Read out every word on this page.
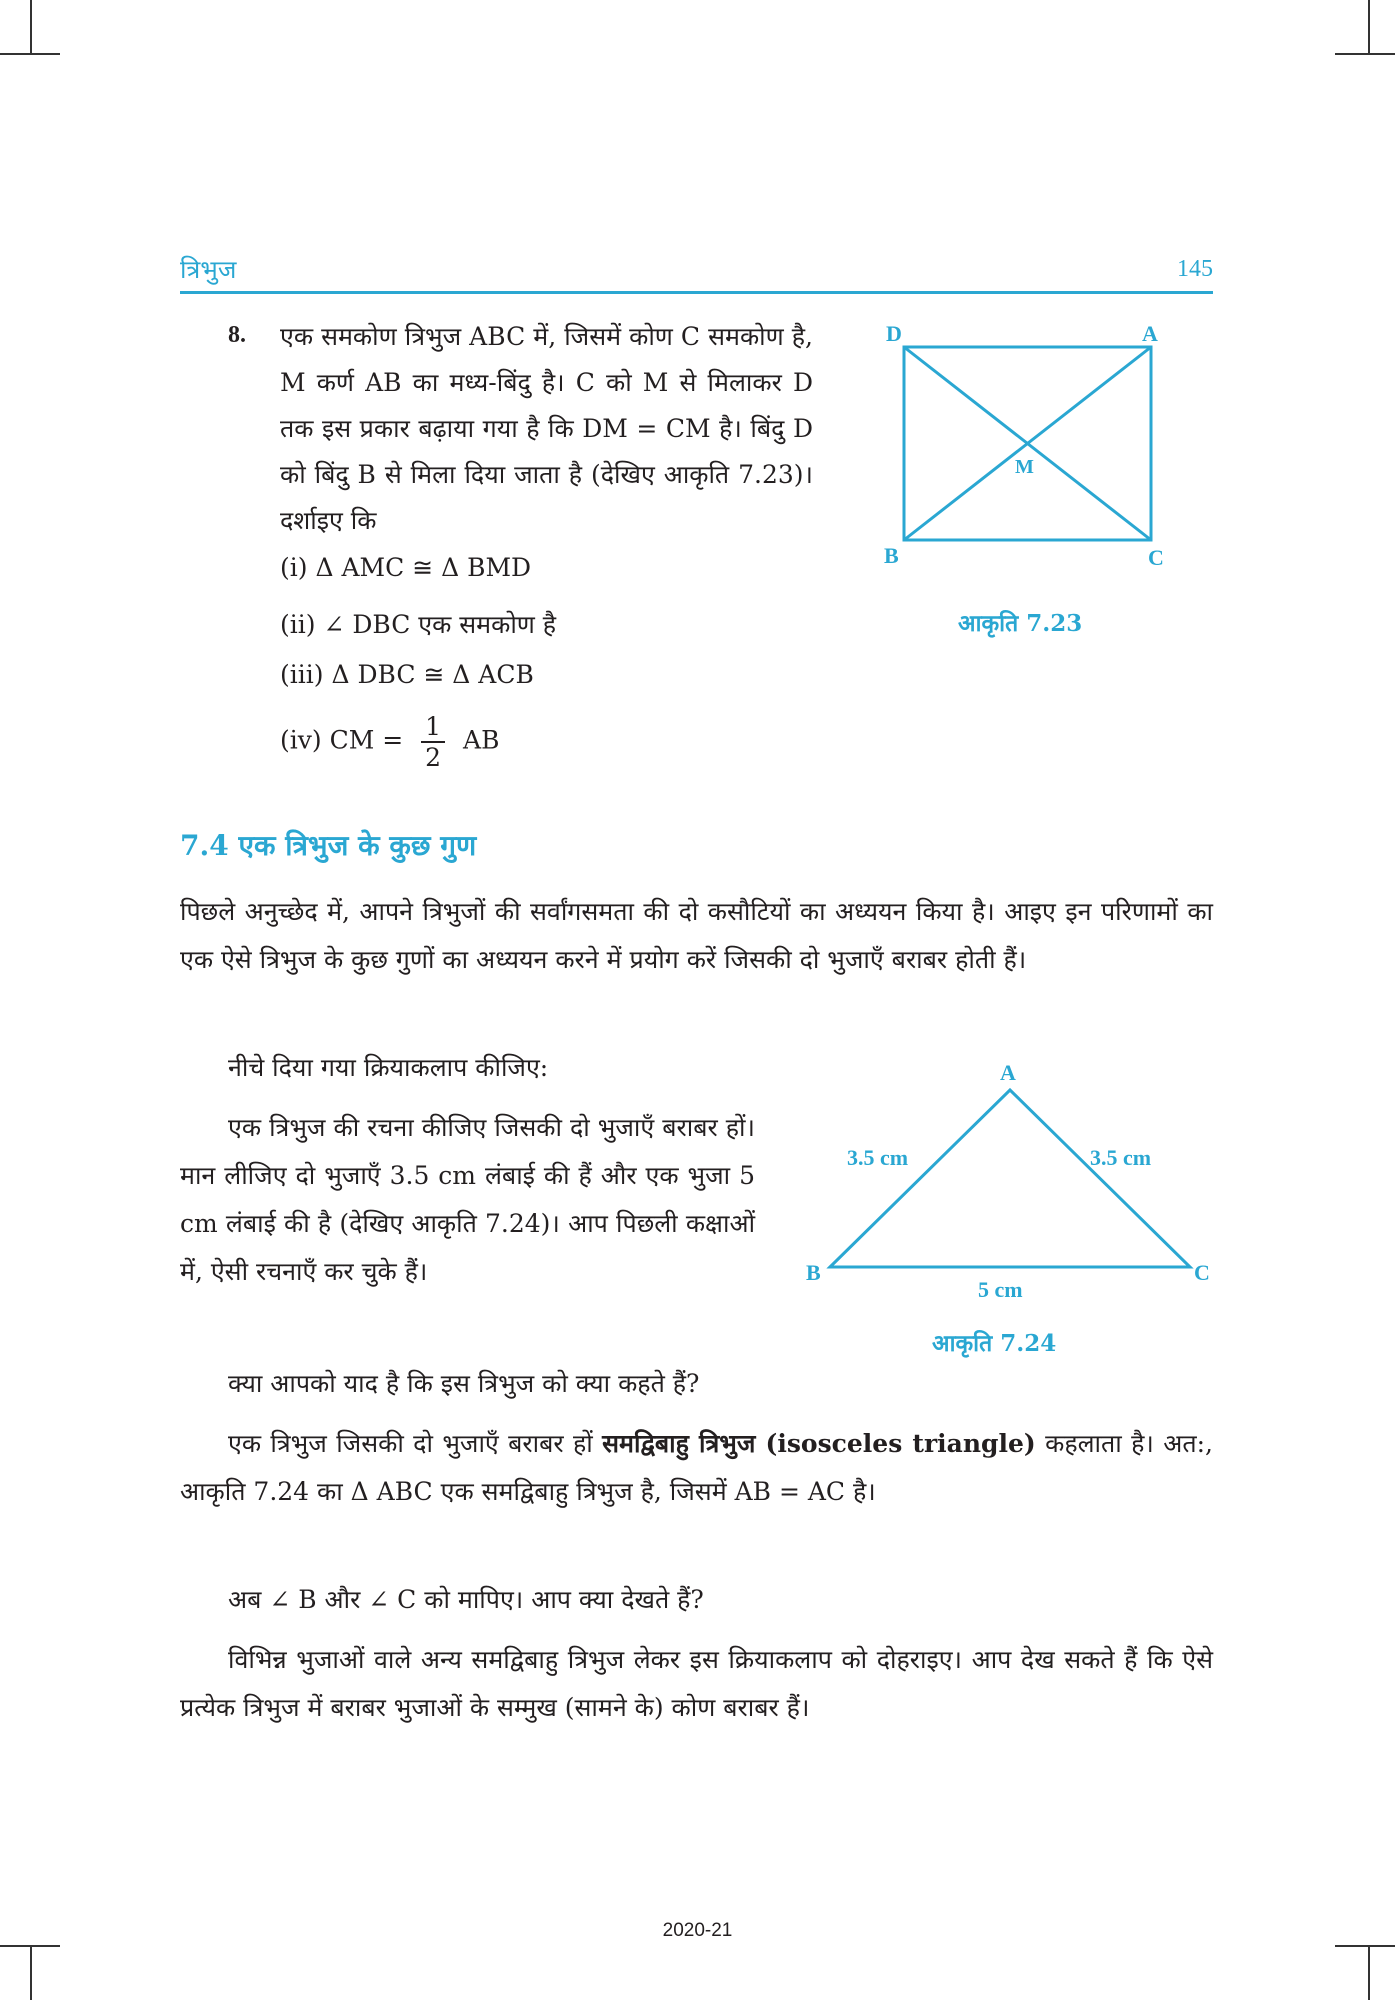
त्रिभुज	145
8. एक समकोण त्रिभुज ABC में, जिसमें कोण C समकोण है, M कर्ण AB का मध्य-बिंदु है। C को M से मिलाकर D तक इस प्रकार बढ़ाया गया है कि DM = CM है। बिंदु D को बिंदु B से मिला दिया जाता है (देखिए आकृति 7.23)। दर्शाइए कि
(i) Δ AMC ≅ Δ BMD
(ii) ∠ DBC एक समकोण है
(iii) Δ DBC ≅ Δ ACB
(iv) CM = $\frac{1}{2}$ AB
D	A
M
B	C
आकृति 7.23
7.4 एक त्रिभुज के कुछ गुण
पिछले अनुच्छेद में, आपने त्रिभुजों की सर्वांगसमता की दो कसौटियों का अध्ययन किया है। आइए इन परिणामों का एक ऐसे त्रिभुज के कुछ गुणों का अध्ययन करने में प्रयोग करें जिसकी दो भुजाएँ बराबर होती हैं।
नीचे दिया गया क्रियाकलाप कीजिए:
एक त्रिभुज की रचना कीजिए जिसकी दो भुजाएँ बराबर हों। मान लीजिए दो भुजाएँ 3.5 cm लंबाई की हैं और एक भुजा 5 cm लंबाई की है (देखिए आकृति 7.24)। आप पिछली कक्षाओं में, ऐसी रचनाएँ कर चुके हैं।
A
B	C
3.5 cm	3.5 cm
5 cm
आकृति 7.24
क्या आपको याद है कि इस त्रिभुज को क्या कहते हैं?
एक त्रिभुज जिसकी दो भुजाएँ बराबर हों समद्विबाहु त्रिभुज (isosceles triangle) कहलाता है। अत:, आकृति 7.24 का Δ ABC एक समद्विबाहु त्रिभुज है, जिसमें AB = AC है।
अब ∠ B और ∠ C को मापिए। आप क्या देखते हैं?
विभिन्न भुजाओं वाले अन्य समद्विबाहु त्रिभुज लेकर इस क्रियाकलाप को दोहराइए। आप देख सकते हैं कि ऐसे प्रत्येक त्रिभुज में बराबर भुजाओं के सम्मुख (सामने के) कोण बराबर हैं।
2020-21
